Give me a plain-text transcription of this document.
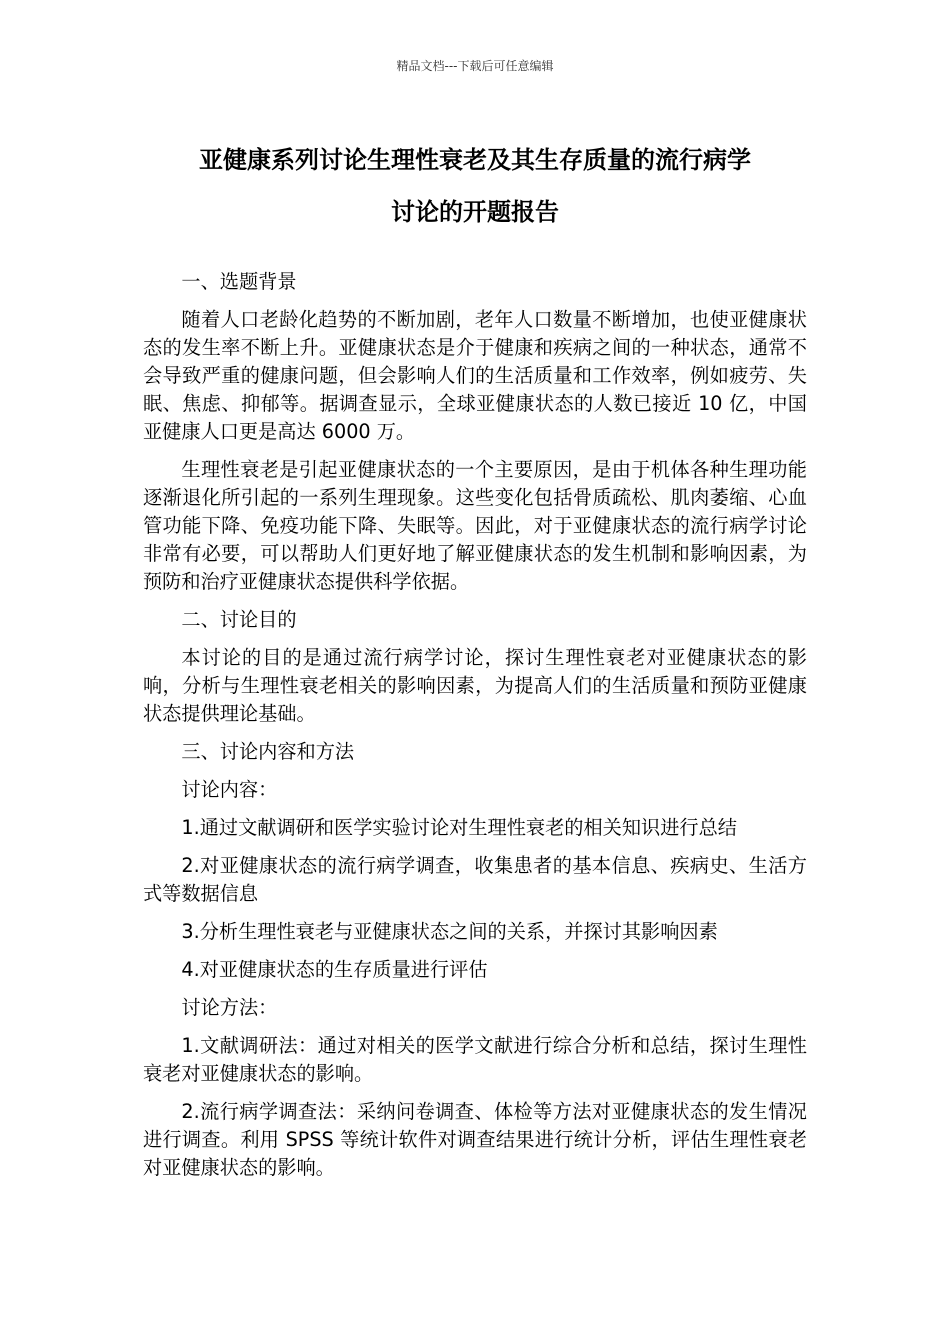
精品文档---下载后可任意编辑
亚健康系列讨论生理性衰老及其生存质量的流行病学
讨论的开题报告

一、选题背景

随着人口老龄化趋势的不断加剧，老年人口数量不断增加，也使亚健康状态的发生率不断上升。亚健康状态是介于健康和疾病之间的一种状态，通常不会导致严重的健康问题，但会影响人们的生活质量和工作效率，例如疲劳、失眠、焦虑、抑郁等。据调查显示，全球亚健康状态的人数已接近 10 亿，中国亚健康人口更是高达 6000 万。

生理性衰老是引起亚健康状态的一个主要原因，是由于机体各种生理功能逐渐退化所引起的一系列生理现象。这些变化包括骨质疏松、肌肉萎缩、心血管功能下降、免疫功能下降、失眠等。因此，对于亚健康状态的流行病学讨论非常有必要，可以帮助人们更好地了解亚健康状态的发生机制和影响因素，为预防和治疗亚健康状态提供科学依据。

二、讨论目的

本讨论的目的是通过流行病学讨论，探讨生理性衰老对亚健康状态的影响，分析与生理性衰老相关的影响因素，为提高人们的生活质量和预防亚健康状态提供理论基础。

三、讨论内容和方法

讨论内容：

1.通过文献调研和医学实验讨论对生理性衰老的相关知识进行总结

2.对亚健康状态的流行病学调查，收集患者的基本信息、疾病史、生活方式等数据信息

3.分析生理性衰老与亚健康状态之间的关系，并探讨其影响因素

4.对亚健康状态的生存质量进行评估

讨论方法：

1.文献调研法：通过对相关的医学文献进行综合分析和总结，探讨生理性衰老对亚健康状态的影响。

2.流行病学调查法：采纳问卷调查、体检等方法对亚健康状态的发生情况进行调查。利用 SPSS 等统计软件对调查结果进行统计分析，评估生理性衰老对亚健康状态的影响。
